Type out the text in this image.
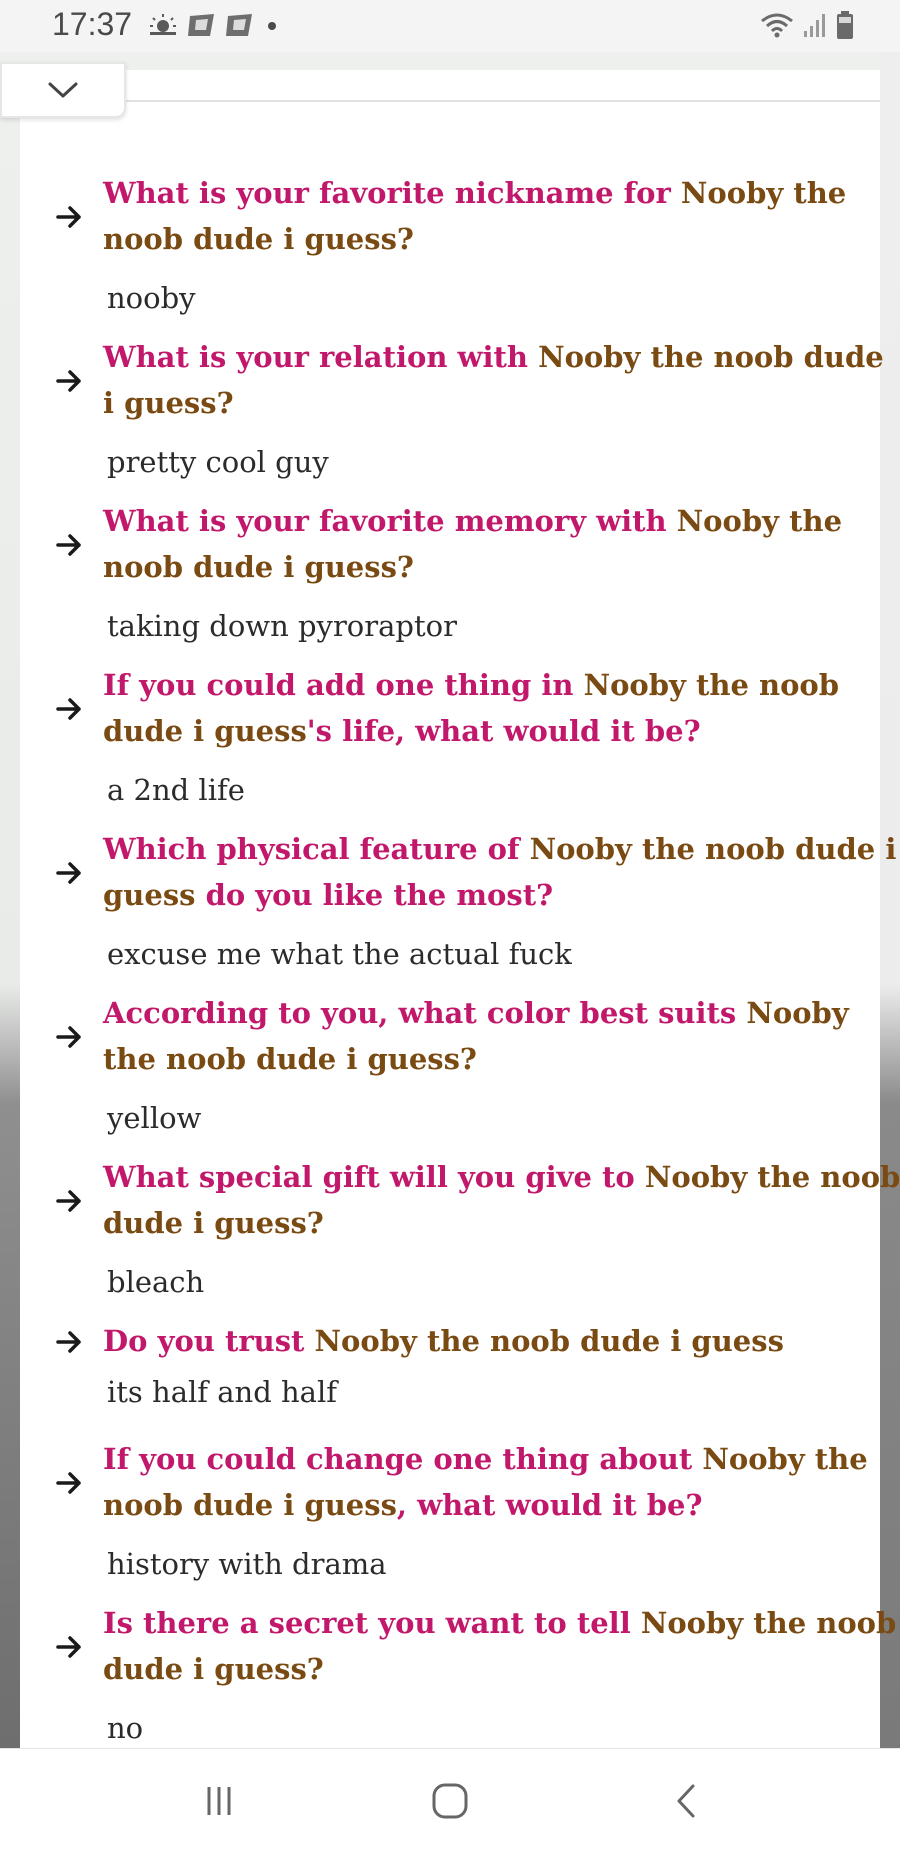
17:37
What is your favorite nickname for Nooby the
noob dude i guess?
nooby
What is your relation with Nooby the noob dude
i guess?
pretty cool guy
What is your favorite memory with Nooby the
noob dude i guess?
taking down pyroraptor
If you could add one thing in Nooby the noob
dude i guess's life, what would it be?
a 2nd life
Which physical feature of Nooby the noob dude i
guess do you like the most?
excuse me what the actual fuck
According to you, what color best suits Nooby
the noob dude i guess?
yellow
What special gift will you give to Nooby the noob
dude i guess?
bleach
Do you trust Nooby the noob dude i guess
its half and half
If you could change one thing about Nooby the
noob dude i guess, what would it be?
history with drama
Is there a secret you want to tell Nooby the noob
dude i guess?
no
